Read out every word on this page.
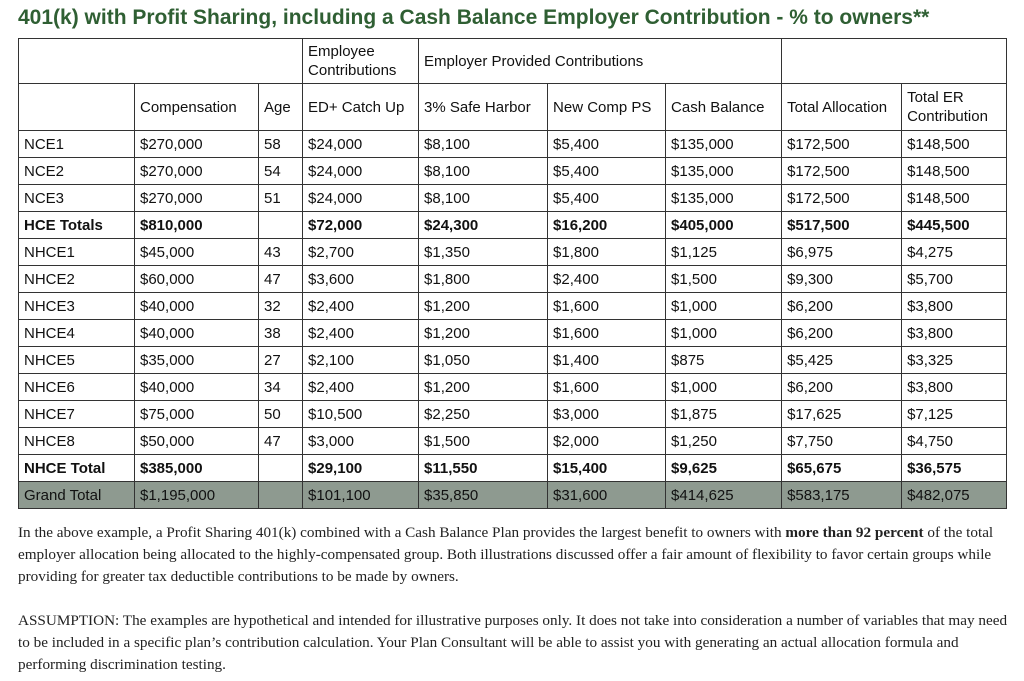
401(k) with Profit Sharing, including a Cash Balance Employer Contribution - % to owners**
			Employee Contributions	Employer Provided Contributions				
	Compensation	Age	ED+ Catch Up	3% Safe Harbor	New Comp PS	Cash Balance	Total Allocation	Total ER Contribution
NCE1	$270,000	58	$24,000	$8,100	$5,400	$135,000	$172,500	$148,500
NCE2	$270,000	54	$24,000	$8,100	$5,400	$135,000	$172,500	$148,500
NCE3	$270,000	51	$24,000	$8,100	$5,400	$135,000	$172,500	$148,500
HCE Totals	$810,000		$72,000	$24,300	$16,200	$405,000	$517,500	$445,500
NHCE1	$45,000	43	$2,700	$1,350	$1,800	$1,125	$6,975	$4,275
NHCE2	$60,000	47	$3,600	$1,800	$2,400	$1,500	$9,300	$5,700
NHCE3	$40,000	32	$2,400	$1,200	$1,600	$1,000	$6,200	$3,800
NHCE4	$40,000	38	$2,400	$1,200	$1,600	$1,000	$6,200	$3,800
NHCE5	$35,000	27	$2,100	$1,050	$1,400	$875	$5,425	$3,325
NHCE6	$40,000	34	$2,400	$1,200	$1,600	$1,000	$6,200	$3,800
NHCE7	$75,000	50	$10,500	$2,250	$3,000	$1,875	$17,625	$7,125
NHCE8	$50,000	47	$3,000	$1,500	$2,000	$1,250	$7,750	$4,750
NHCE Total	$385,000		$29,100	$11,550	$15,400	$9,625	$65,675	$36,575
Grand Total	$1,195,000		$101,100	$35,850	$31,600	$414,625	$583,175	$482,075

In the above example, a Profit Sharing 401(k) combined with a Cash Balance Plan provides the largest benefit to owners with more than 92 percent of the total employer allocation being allocated to the highly-compensated group. Both illustrations discussed offer a fair amount of flexibility to favor certain groups while providing for greater tax deductible contributions to be made by owners.

ASSUMPTION: The examples are hypothetical and intended for illustrative purposes only. It does not take into consideration a number of variables that may need to be included in a specific plan’s contribution calculation. Your Plan Consultant will be able to assist you with generating an actual allocation formula and performing discrimination testing.
